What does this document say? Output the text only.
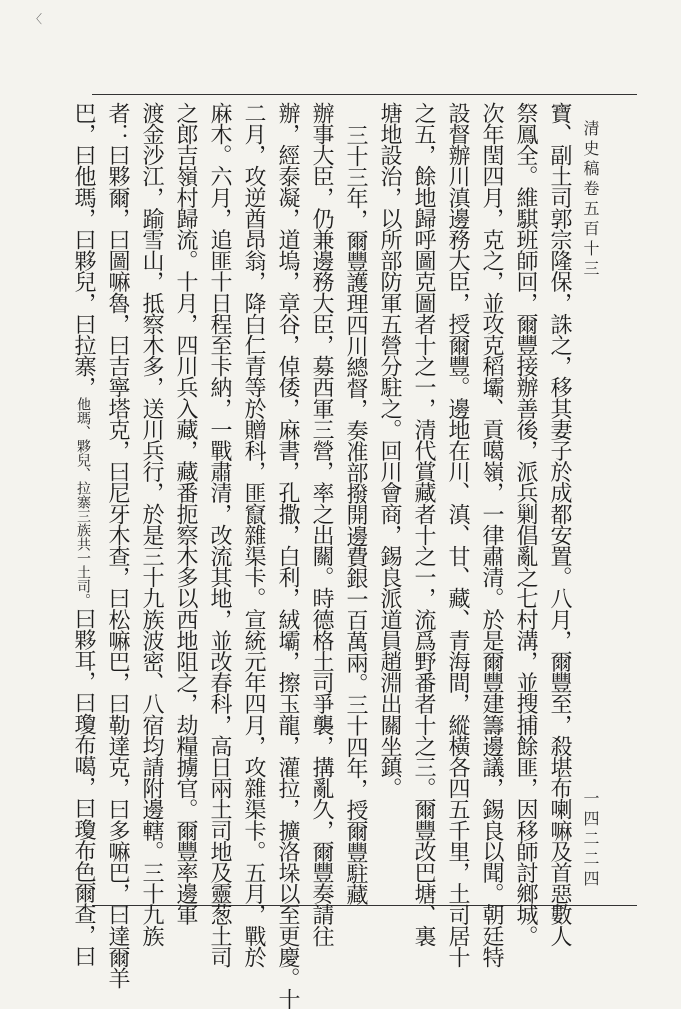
〈
清史稿卷五百十三
一四二二四
寶、副土司郭宗隆保，誅之，移其妻子於成都安置。八月，爾豐至，殺堪布喇嘛及首惡數人
祭鳳全。維騏班師回，爾豐接辦善後，派兵剿倡亂之七村溝，並搜捕餘匪，因移師討鄉城。
次年閏四月，克之，並攻克稻壩、貢噶嶺，一律肅清。於是爾豐建籌邊議，錫良以聞。朝廷特
設督辦川滇邊務大臣，授爾豐。邊地在川、滇、甘、藏、青海間，縱橫各四五千里，土司居十
之五，餘地歸呼圖克圖者十之一，清代賞藏者十之一，流爲野番者十之三。爾豐改巴塘、裏
塘地設治，以所部防軍五營分駐之。回川會商，錫良派道員趙淵出關坐鎮。
三十三年，爾豐護理四川總督，奏准部撥開邊費銀一百萬兩。三十四年，授爾豐駐藏
辦事大臣，仍兼邊務大臣，募西軍三營，率之出關。時德格土司爭襲，搆亂久，爾豐奏請往
辦，經泰凝，道塢，章谷，倬倭，麻書，孔撒，白利，絨壩，擦玉龍，灌拉，擴洛垛以至更慶。十
二月，攻逆酋昂翁，降白仁青等於贈科，匪竄雜渠卡。宣統元年四月，攻雜渠卡。五月，戰於
麻木。六月，追匪十日程至卡納，一戰肅清，改流其地，並改春科，高日兩土司地及靈葱土司
之郎吉嶺村歸流。十月，四川兵入藏，藏番扼察木多以西地阻之，劫糧擄官。爾豐率邊軍
渡金沙江，踰雪山，抵察木多，送川兵行，於是三十九族波密、八宿均請附邊轄。三十九族
者：曰夥爾，曰圖嘛魯，曰吉寧塔克，曰尼牙木查，曰松嘛巴，曰勒達克，曰多嘛巴，曰達爾羊
巴，曰他瑪，曰夥兒，曰拉寨，他瑪、夥兒、拉寨三族共一土司。曰夥耳，曰瓊布噶，曰瓊布色爾查，曰
